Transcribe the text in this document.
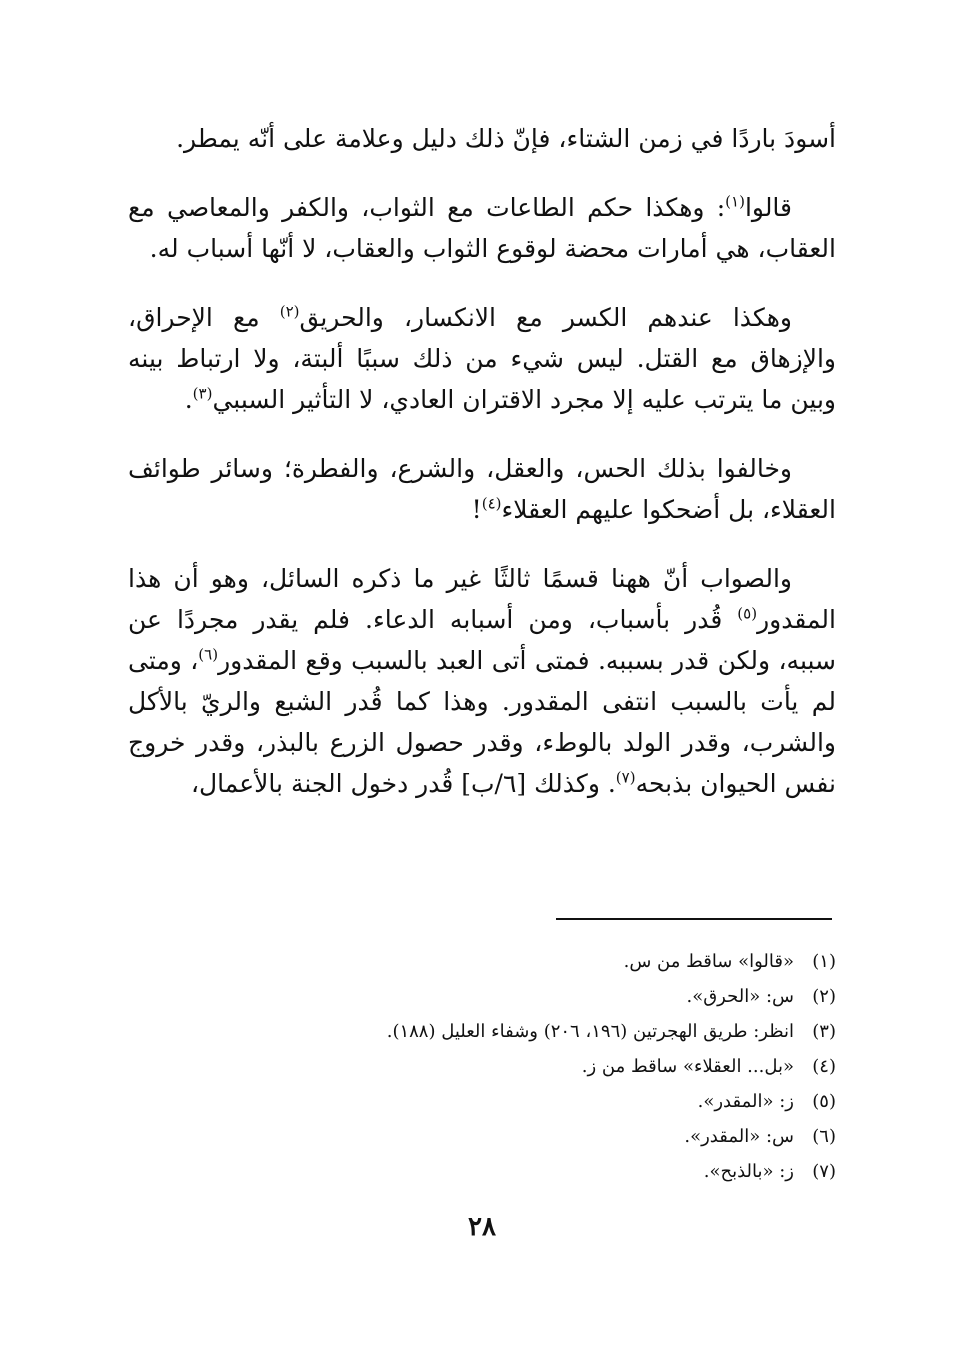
أسودَ باردًا في زمن الشتاء، فإنّ ذلك دليل وعلامة على أنّه يمطر.

قالوا$^{(١)}$: وهكذا حكم الطاعات مع الثواب، والكفر والمعاصي مع العقاب، هي أمارات محضة لوقوع الثواب والعقاب، لا أنّها أسباب له.
وهكذا عندهم الكسر مع الانكسار، والحريق$^{(٢)}$ مع الإحراق، والإزهاق مع القتل. ليس شيء من ذلك سببًا ألبتة، ولا ارتباط بينه وبين ما يترتب عليه إلا مجرد الاقتران العادي، لا التأثير السببي$^{(٣)}$.
وخالفوا بذلك الحس، والعقل، والشرع، والفطرة؛ وسائر طوائف العقلاء، بل أضحكوا عليهم العقلاء$^{(٤)}$!
والصواب أنّ ههنا قسمًا ثالثًا غير ما ذكره السائل، وهو أن هذا المقدور$^{(٥)}$ قُدر بأسباب، ومن أسبابه الدعاء. فلم يقدر مجردًا عن سببه، ولكن قدر بسببه. فمتى أتى العبد بالسبب وقع المقدور$^{(٦)}$، ومتى لم يأت بالسبب انتفى المقدور. وهذا كما قُدر الشبع والريّ بالأكل والشرب، وقدر الولد بالوطء، وقدر حصول الزرع بالبذر، وقدر خروج نفس الحيوان بذبحه$^{(٧)}$. وكذلك [٦/ب] قُدر دخول الجنة بالأعمال،
(١)«قالوا» ساقط من س.
(٢)س: «الحرق».
(٣)انظر: طريق الهجرتين (١٩٦، ٢٠٦) وشفاء العليل (١٨٨).
(٤)«بل... العقلاء» ساقط من ز.
(٥)ز: «المقدر».
(٦)س: «المقدر».
(٧)ز: «بالذبح».
٢٨
